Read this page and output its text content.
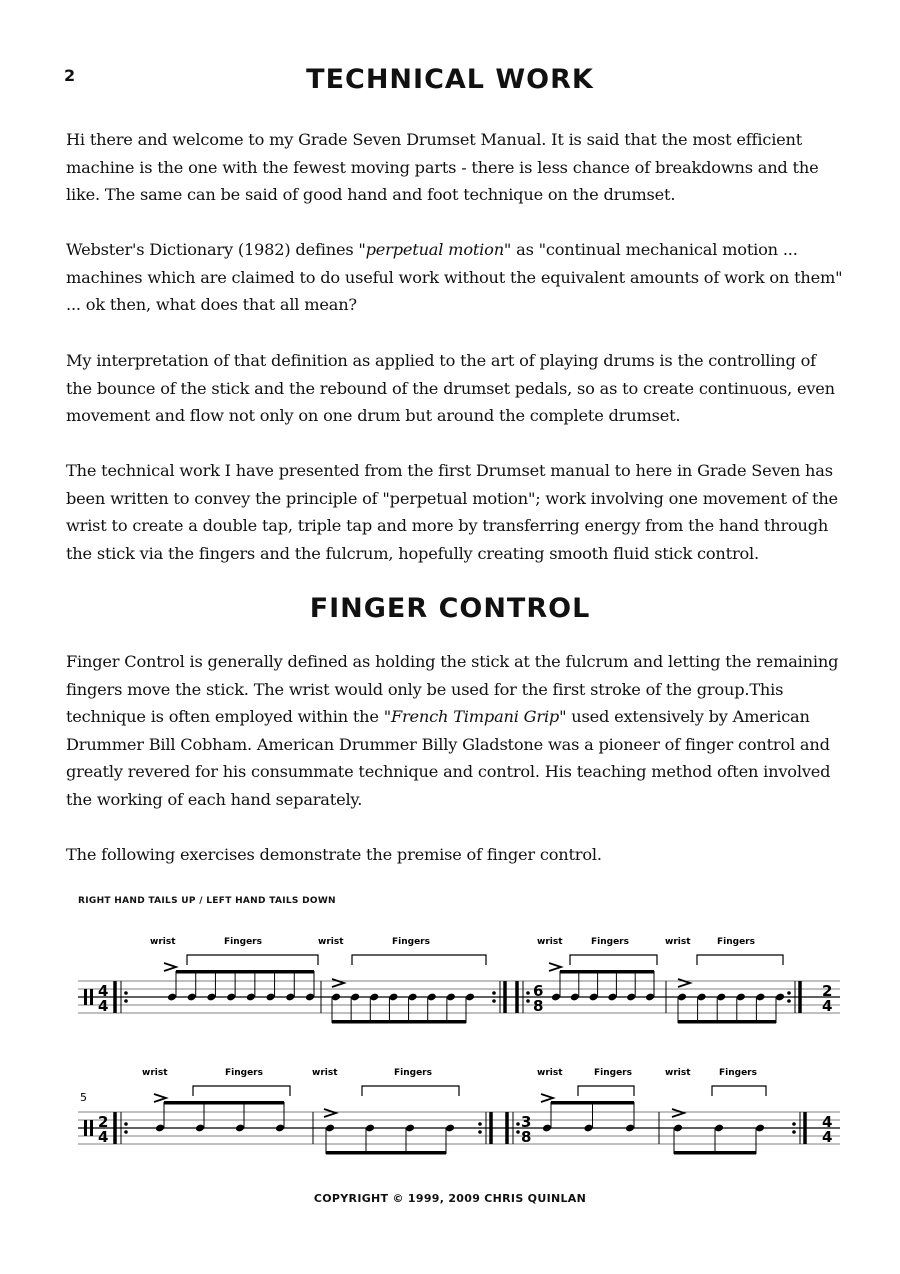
2	TECHNICAL WORK

Hi there and welcome to my Grade Seven Drumset Manual. It is said that the most efficient machine is the one with the fewest moving parts - there is less chance of breakdowns and the like. The same can be said of good hand and foot technique on the drumset.

Webster's Dictionary (1982) defines "perpetual motion" as "continual mechanical motion ... machines which are claimed to do useful work without the equivalent amounts of work on them" ... ok then, what does that all mean?

My interpretation of that definition as applied to the art of playing drums is the controlling of the bounce of the stick and the rebound of the drumset pedals, so as to create continuous, even movement and flow not only on one drum but around the complete drumset.

The technical work I have presented from the first Drumset manual to here in Grade Seven has been written to convey the principle of "perpetual motion"; work involving one movement of the wrist to create a double tap, triple tap and more by transferring energy from the hand through the stick via the fingers and the fulcrum, hopefully creating smooth fluid stick control.

FINGER CONTROL

Finger Control is generally defined as holding the stick at the fulcrum and letting the remaining fingers move the stick. The wrist would only be used for the first stroke of the group.This technique is often employed within the "French Timpani Grip" used extensively by American Drummer Bill Cobham. American Drummer Billy Gladstone was a pioneer of finger control and greatly revered for his consummate technique and control. His teaching method often involved the working of each hand separately.

The following exercises demonstrate the premise of finger control.

RIGHT HAND TAILS UP / LEFT HAND TAILS DOWN
4
4
wrist	Fingers	wrist	Fingers
6
8
wrist	Fingers	wrist	Fingers
2
4
5
2
4
wrist	Fingers	wrist	Fingers
3
8
wrist	Fingers	wrist	Fingers
4
4
COPYRIGHT © 1999, 2009 CHRIS QUINLAN
